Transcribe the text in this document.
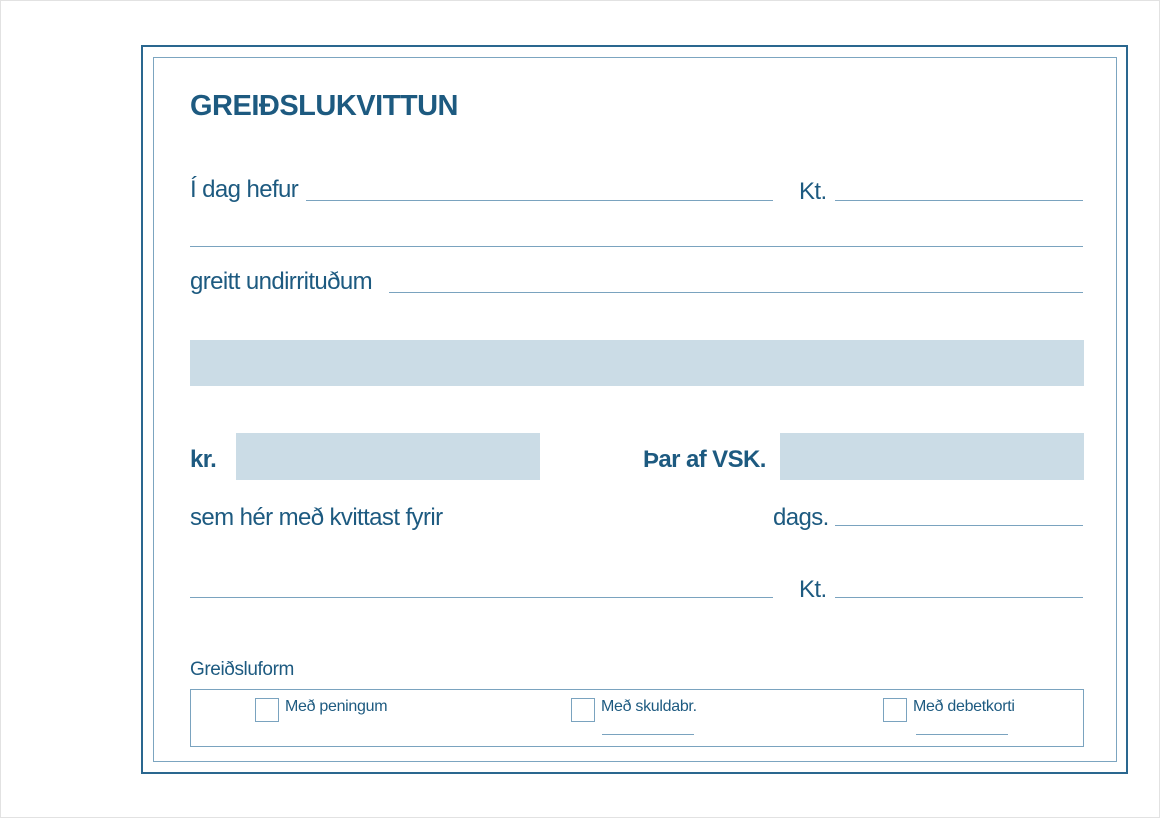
GREIÐSLUKVITTUN
Í dag hefur	Kt.
greitt undirrituðum
kr.	Þar af VSK.
sem hér með kvittast fyrir	dags.
Kt.
Greiðsluform
Með peningum	Með skuldabr.	Með debetkorti
